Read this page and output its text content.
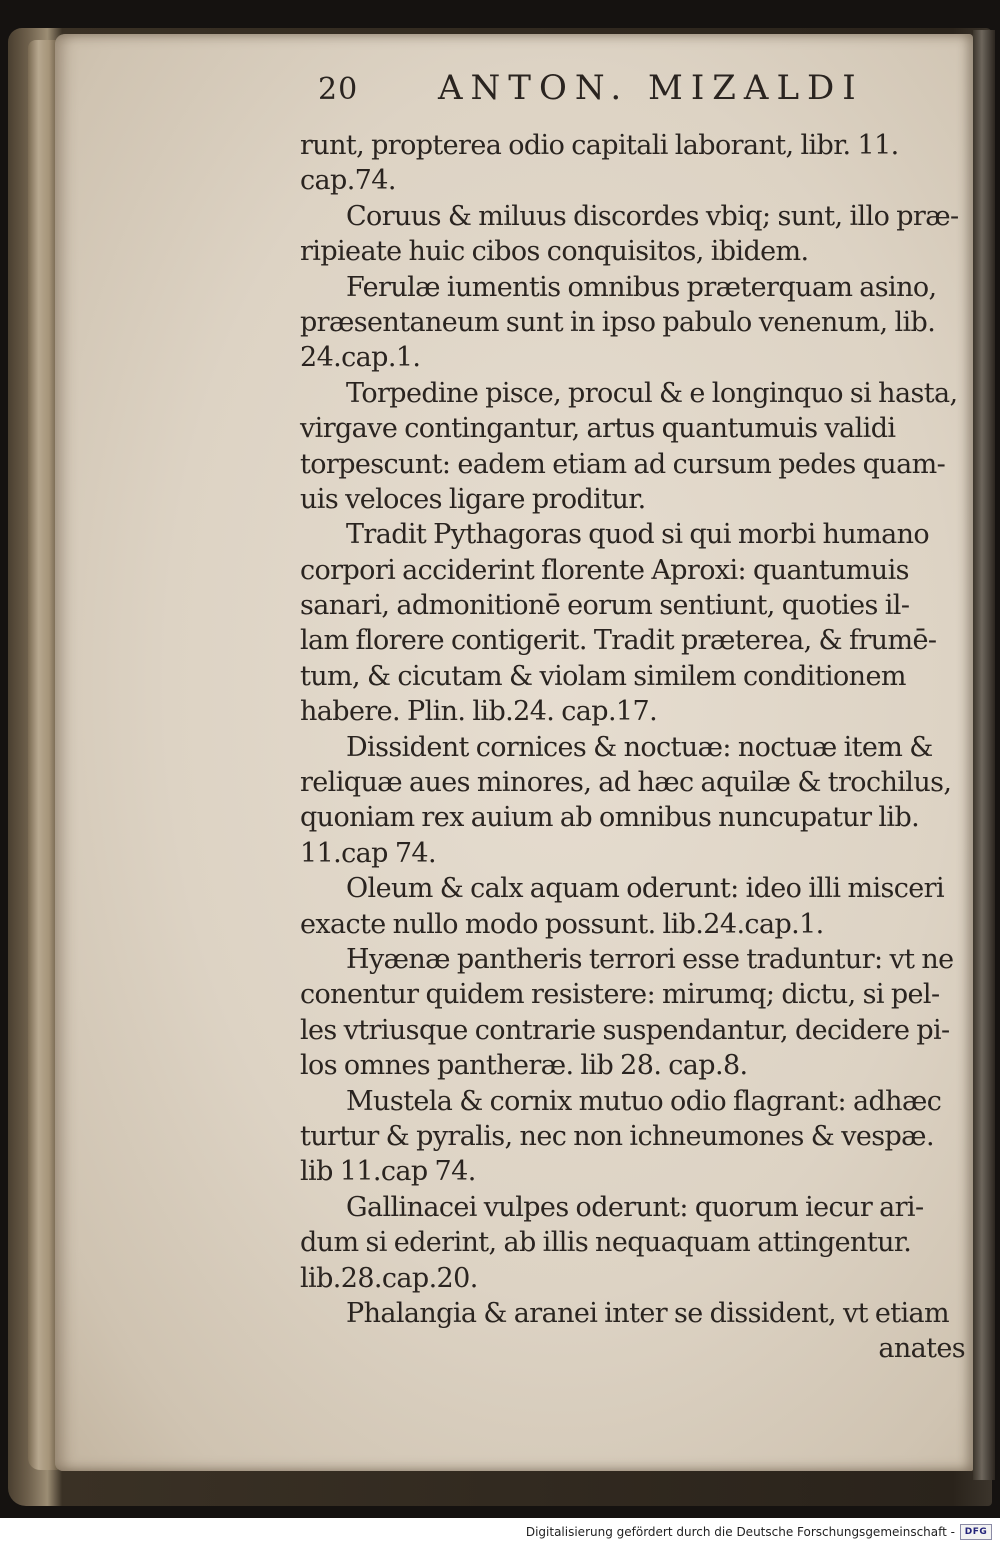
20 ANTON. MIZALDI
runt, propterea odio capitali laborant, libr. 11.
cap.74.
Coruus & miluus discordes vbiq; sunt, illo præ-
ripieate huic cibos conquisitos, ibidem.
Ferulæ iumentis omnibus præterquam asino,
præsentaneum sunt in ipso pabulo venenum, lib.
24.cap.1.
Torpedine pisce, procul & e longinquo si hasta,
virgave contingantur, artus quantumuis validi
torpescunt: eadem etiam ad cursum pedes quam-
uis veloces ligare proditur.
Tradit Pythagoras quod si qui morbi humano
corpori acciderint florente Aproxi: quantumuis
sanari, admonitionē eorum sentiunt, quoties il-
lam florere contigerit. Tradit præterea, & frumē-
tum, & cicutam & violam similem conditionem
habere. Plin. lib.24. cap.17.
Dissident cornices & noctuæ: noctuæ item &
reliquæ aues minores, ad hæc aquilæ & trochilus,
quoniam rex auium ab omnibus nuncupatur lib.
11.cap 74.
Oleum & calx aquam oderunt: ideo illi misceri
exacte nullo modo possunt. lib.24.cap.1.
Hyænæ pantheris terrori esse traduntur: vt ne
conentur quidem resistere: mirumq; dictu, si pel-
les vtriusque contrarie suspendantur, decidere pi-
los omnes pantheræ. lib 28. cap.8.
Mustela & cornix mutuo odio flagrant: adhæc
turtur & pyralis, nec non ichneumones & vespæ.
lib 11.cap 74.
Gallinacei vulpes oderunt: quorum iecur ari-
dum si ederint, ab illis nequaquam attingentur.
lib.28.cap.20.
Phalangia & aranei inter se dissident, vt etiam
anates
Digitalisierung gefördert durch die Deutsche Forschungsgemeinschaft -	DFG
